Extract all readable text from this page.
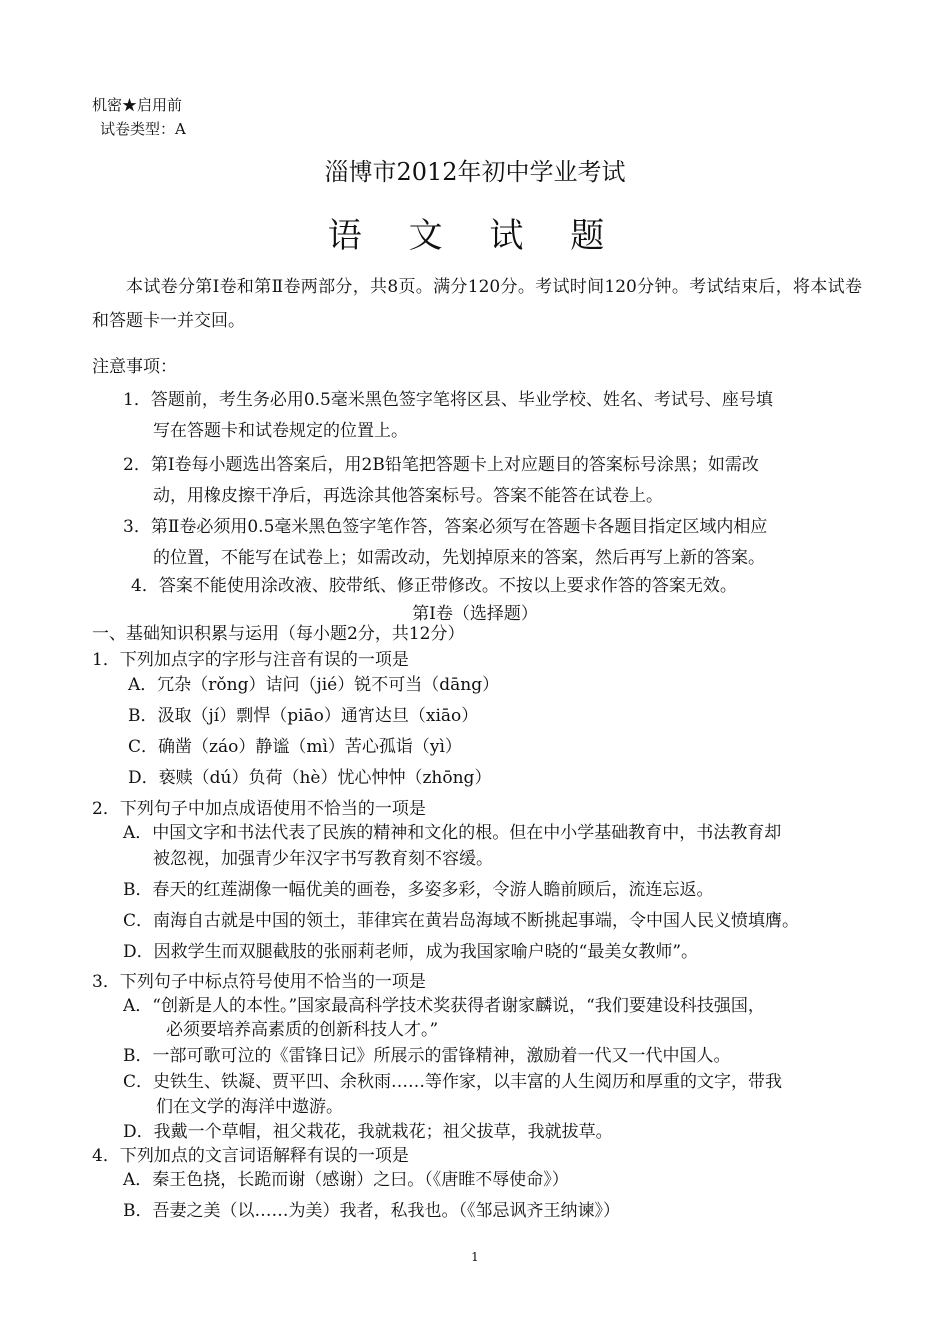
机密★启用前
试卷类型：A
淄博市2012年初中学业考试
语 文 试 题
本试卷分第Ⅰ卷和第Ⅱ卷两部分，共8页。满分120分。考试时间120分钟。考试结束后，将本试卷和答题卡一并交回。
注意事项：
1．答题前，考生务必用0.5毫米黑色签字笔将区县、毕业学校、姓名、考试号、座号填
写在答题卡和试卷规定的位置上。
2．第Ⅰ卷每小题选出答案后，用2B铅笔把答题卡上对应题目的答案标号涂黑；如需改
动，用橡皮擦干净后，再选涂其他答案标号。答案不能答在试卷上。
3．第Ⅱ卷必须用0.5毫米黑色签字笔作答，答案必须写在答题卡各题目指定区域内相应
的位置，不能写在试卷上；如需改动，先划掉原来的答案，然后再写上新的答案。
4．答案不能使用涂改液、胶带纸、修正带修改。不按以上要求作答的答案无效。
第Ⅰ卷（选择题）
一、基础知识积累与运用（每小题2分，共12分）
1．下列加点字的字形与注音有误的一项是
A．冗杂（rǒng）诘问（jié）锐不可当（dāng）
B．汲取（jí）剽悍（piāo）通宵达旦（xiāo）
C．确凿（záo）静谧（mì）苦心孤诣（yì）
D．亵赎（dú）负荷（hè）忧心忡忡（zhōng）
2．下列句子中加点成语使用不恰当的一项是
A．中国文字和书法代表了民族的精神和文化的根。但在中小学基础教育中，书法教育却
被忽视，加强青少年汉字书写教育刻不容缓。
B．春天的红莲湖像一幅优美的画卷，多姿多彩，令游人瞻前顾后，流连忘返。
C．南海自古就是中国的领土，菲律宾在黄岩岛海域不断挑起事端，令中国人民义愤填膺。
D．因救学生而双腿截肢的张丽莉老师，成为我国家喻户晓的“最美女教师”。
3．下列句子中标点符号使用不恰当的一项是
A．“创新是人的本性。”国家最高科学技术奖获得者谢家麟说，“我们要建设科技强国，
必须要培养高素质的创新科技人才。”
B．一部可歌可泣的《雷锋日记》所展示的雷锋精神，激励着一代又一代中国人。
C．史铁生、铁凝、贾平凹、余秋雨……等作家，以丰富的人生阅历和厚重的文字，带我
们在文学的海洋中遨游。
D．我戴一个草帽，祖父栽花，我就栽花；祖父拔草，我就拔草。
4．下列加点的文言词语解释有误的一项是
A．秦王色挠，长跪而谢（感谢）之曰。（《唐睢不辱使命》）
B．吾妻之美（以……为美）我者，私我也。（《邹忌讽齐王纳谏》）
1
